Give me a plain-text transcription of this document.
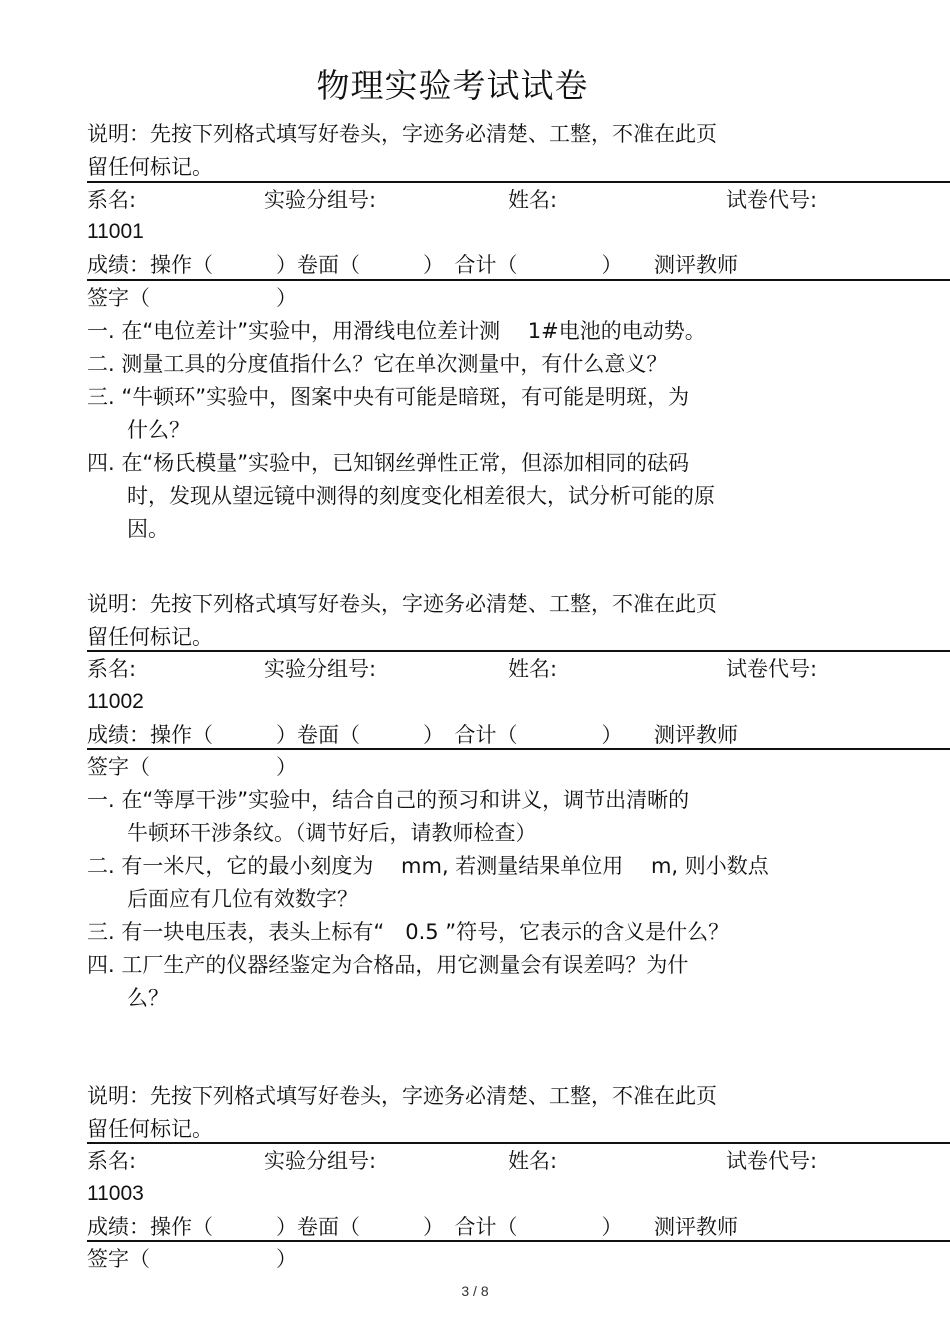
物理实验考试试卷
说明：先按下列格式填写好卷头，字迹务必清楚、工整，不准在此页
留任何标记。
系名:	实验分组号:	姓名:	试卷代号:
11001
成绩：操作（　　　）卷面（　　　）　合计（　　　　）　　测评教师
签字（　　　　　　）
一. 在“电位差计”实验中，用滑线电位差计测　 1#电池的电动势。
二. 测量工具的分度值指什么？它在单次测量中，有什么意义？
三. “牛顿环”实验中，图案中央有可能是暗斑，有可能是明斑，为
什么？
四. 在“杨氏模量”实验中，已知钢丝弹性正常，但添加相同的砝码
时，发现从望远镜中测得的刻度变化相差很大，试分析可能的原
因。
说明：先按下列格式填写好卷头，字迹务必清楚、工整，不准在此页
留任何标记。
系名:	实验分组号:	姓名:	试卷代号:
11002
成绩：操作（　　　）卷面（　　　）　合计（　　　　）　　测评教师
签字（　　　　　　）
一. 在“等厚干涉”实验中，结合自己的预习和讲义，调节出清晰的
牛顿环干涉条纹。（调节好后，请教师检查）
二. 有一米尺，它的最小刻度为　 mm, 若测量结果单位用　 m, 则小数点
后面应有几位有效数字？
三. 有一块电压表，表头上标有“　0.5 ”符号，它表示的含义是什么？
四. 工厂生产的仪器经鉴定为合格品，用它测量会有误差吗？为什
么？
说明：先按下列格式填写好卷头，字迹务必清楚、工整，不准在此页
留任何标记。
系名:	实验分组号:	姓名:	试卷代号:
11003
成绩：操作（　　　）卷面（　　　）　合计（　　　　）　　测评教师
签字（　　　　　　）
3 / 8
